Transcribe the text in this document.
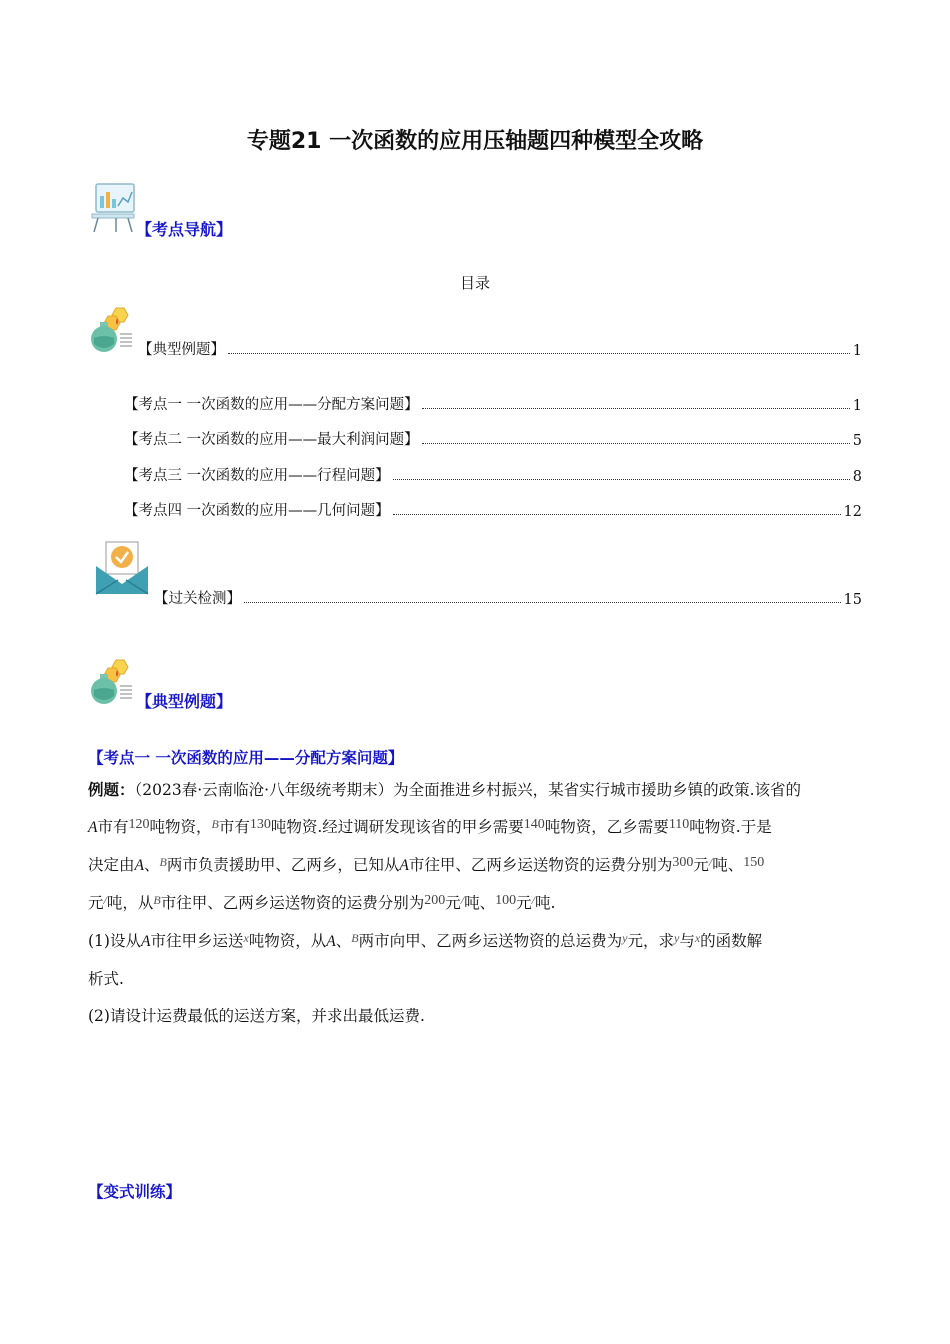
专题21 一次函数的应用压轴题四种模型全攻略
【考点导航】
目录
【典型例题】	1
【考点一 一次函数的应用——分配方案问题】	1
【考点二 一次函数的应用——最大利润问题】	5
【考点三 一次函数的应用——行程问题】	8
【考点四 一次函数的应用——几何问题】	12
【过关检测】	15
【典型例题】
【考点一 一次函数的应用——分配方案问题】
例题：（2023春·云南临沧·八年级统考期末）为全面推进乡村振兴，某省实行城市援助乡镇的政策.该省的
A市有120吨物资，$^B$市有130吨物资.经过调研发现该省的甲乡需要140吨物资，乙乡需要110吨物资.于是
决定由A、$^B$两市负责援助甲、乙两乡，已知从A市往甲、乙两乡运送物资的运费分别为300元/吨、150
元/吨，从$^B$市往甲、乙两乡运送物资的运费分别为200元/吨、100元/吨.
(1)设从A市往甲乡运送$^x$吨物资，从A、$^B$两市向甲、乙两乡运送物资的总运费为$^y$元，求$^y$与$^x$的函数解
析式.
(2)请设计运费最低的运送方案，并求出最低运费.
【变式训练】
